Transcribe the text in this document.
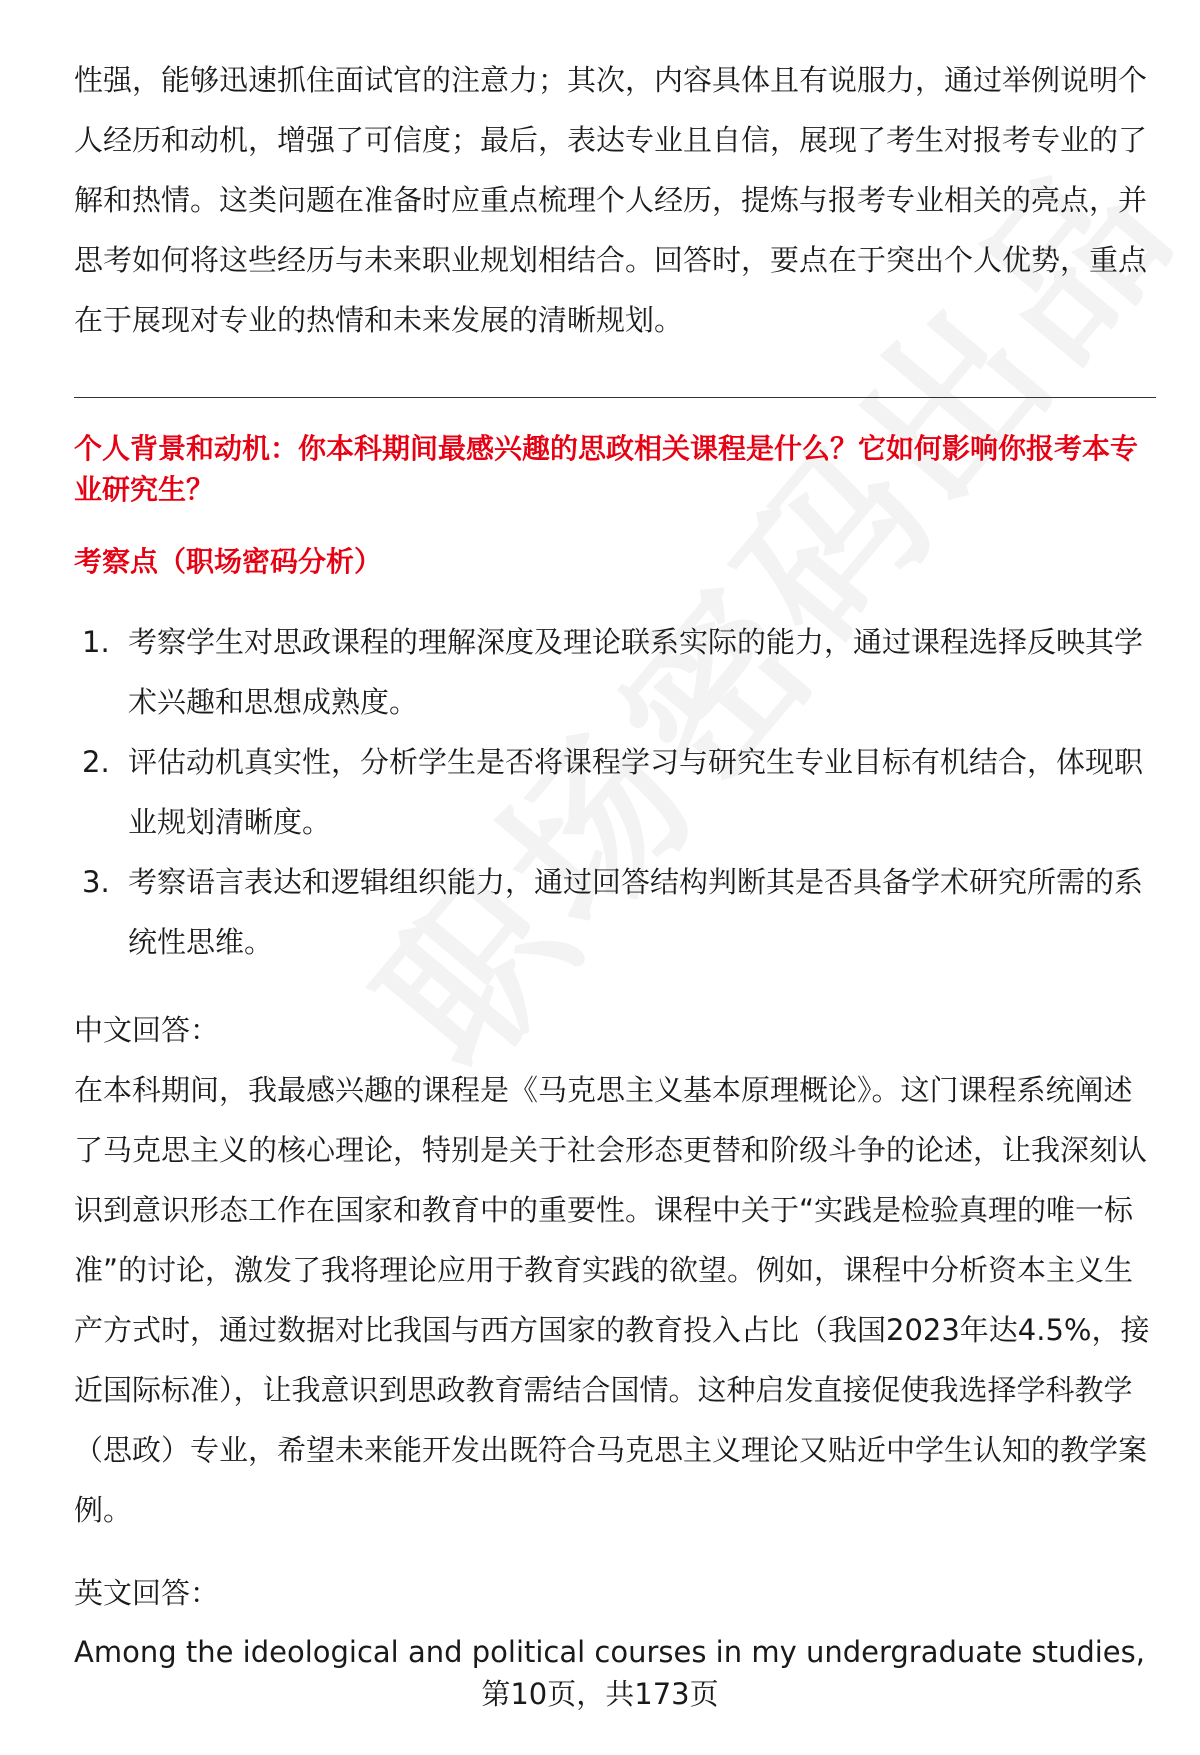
性强，能够迅速抓住面试官的注意力；其次，内容具体且有说服力，通过举例说明个人经历和动机，增强了可信度；最后，表达专业且自信，展现了考生对报考专业的了解和热情。这类问题在准备时应重点梳理个人经历，提炼与报考专业相关的亮点，并思考如何将这些经历与未来职业规划相结合。回答时，要点在于突出个人优势，重点在于展现对专业的热情和未来发展的清晰规划。

个人背景和动机：你本科期间最感兴趣的思政相关课程是什么？它如何影响你报考本专业研究生？
考察点（职场密码分析）
1. 考察学生对思政课程的理解深度及理论联系实际的能力，通过课程选择反映其学术兴趣和思想成熟度。
2. 评估动机真实性，分析学生是否将课程学习与研究生专业目标有机结合，体现职业规划清晰度。
3. 考察语言表达和逻辑组织能力，通过回答结构判断其是否具备学术研究所需的系统性思维。

中文回答：

在本科期间，我最感兴趣的课程是《马克思主义基本原理概论》。这门课程系统阐述了马克思主义的核心理论，特别是关于社会形态更替和阶级斗争的论述，让我深刻认识到意识形态工作在国家和教育中的重要性。课程中关于“实践是检验真理的唯一标准”的讨论，激发了我将理论应用于教育实践的欲望。例如，课程中分析资本主义生产方式时，通过数据对比我国与西方国家的教育投入占比（我国2023年达4.5%，接近国际标准），让我意识到思政教育需结合国情。这种启发直接促使我选择学科教学（思政）专业，希望未来能开发出既符合马克思主义理论又贴近中学生认知的教学案例。

英文回答：

Among the ideological and political courses in my undergraduate studies,

第10页，共173页
